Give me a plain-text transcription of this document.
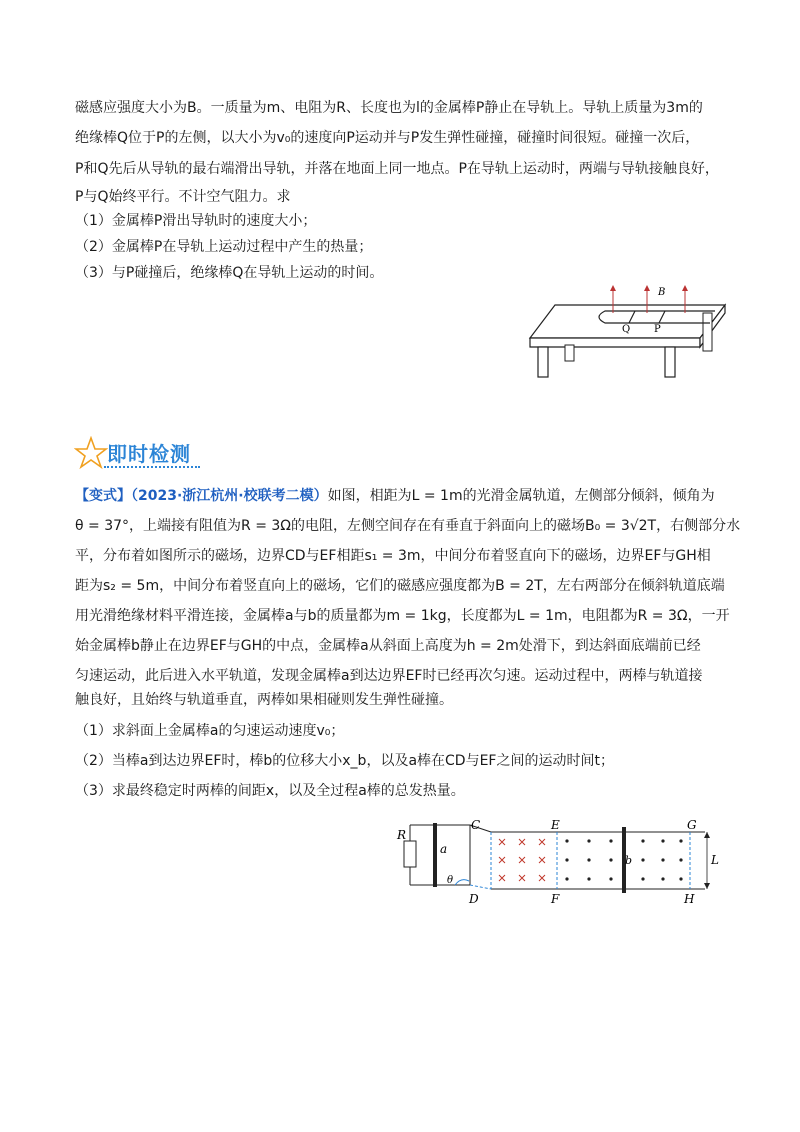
磁感应强度大小为B。一质量为m、电阻为R、长度也为l的金属棒P静止在导轨上。导轨上质量为3m的

绝缘棒Q位于P的左侧，以大小为v₀的速度向P运动并与P发生弹性碰撞，碰撞时间很短。碰撞一次后，

P和Q先后从导轨的最右端滑出导轨，并落在地面上同一地点。P在导轨上运动时，两端与导轨接触良好，

P与Q始终平行。不计空气阻力。求

（1）金属棒P滑出导轨时的速度大小；

（2）金属棒P在导轨上运动过程中产生的热量；

（3）与P碰撞后，绝缘棒Q在导轨上运动的时间。

B
Q P
即时检测

【变式】（2023·浙江杭州·校联考二模）如图，相距为L = 1m的光滑金属轨道，左侧部分倾斜，倾角为

θ = 37°，上端接有阻值为R = 3Ω的电阻，左侧空间存在有垂直于斜面向上的磁场B₀ = 3√2T，右侧部分水

平，分布着如图所示的磁场，边界CD与EF相距s₁ = 3m，中间分布着竖直向下的磁场，边界EF与GH相

距为s₂ = 5m，中间分布着竖直向上的磁场，它们的磁感应强度都为B = 2T，左右两部分在倾斜轨道底端

用光滑绝缘材料平滑连接，金属棒a与b的质量都为m = 1kg，长度都为L = 1m，电阻都为R = 3Ω，一开

始金属棒b静止在边界EF与GH的中点，金属棒a从斜面上高度为h = 2m处滑下，到达斜面底端前已经

匀速运动，此后进入水平轨道，发现金属棒a到达边界EF时已经再次匀速。运动过程中，两棒与轨道接

触良好，且始终与轨道垂直，两棒如果相碰则发生弹性碰撞。

（1）求斜面上金属棒a的匀速运动速度v₀；

（2）当棒a到达边界EF时，棒b的位移大小x_b，以及a棒在CD与EF之间的运动时间t；

（3）求最终稳定时两棒的间距x，以及全过程a棒的总发热量。

R
a
θ
b	L
C
D
E
F
G
H
